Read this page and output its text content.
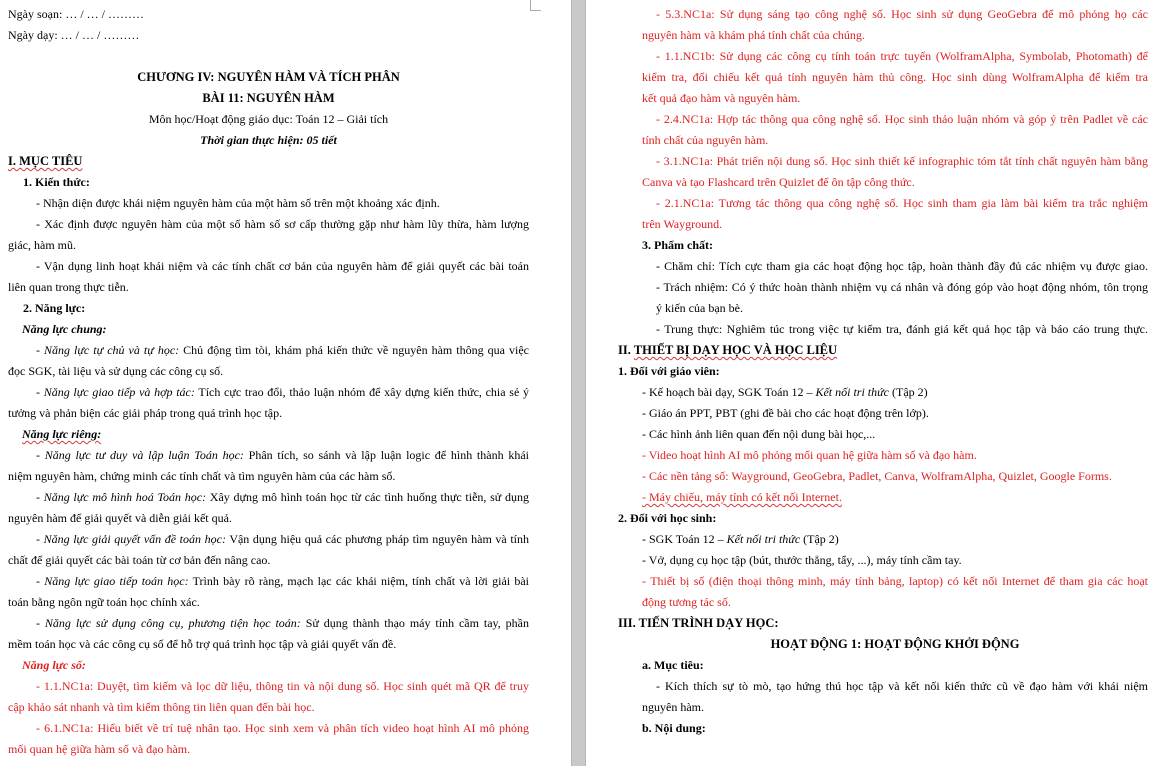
Ngày soạn: … / … / ………

Ngày dạy: … / … / ………

CHƯƠNG IV: NGUYÊN HÀM VÀ TÍCH PHÂN

BÀI 11: NGUYÊN HÀM

Môn học/Hoạt động giáo dục: Toán 12 – Giải tích

Thời gian thực hiện: 05 tiết

I. MỤC TIÊU

1. Kiến thức:

- Nhận diện được khái niệm nguyên hàm của một hàm số trên một khoảng xác định.

- Xác định được nguyên hàm của một số hàm số sơ cấp thường gặp như hàm lũy thừa, hàm lượng

giác, hàm mũ.

- Vận dụng linh hoạt khái niệm và các tính chất cơ bản của nguyên hàm để giải quyết các bài toán

liên quan trong thực tiễn.

2. Năng lực:

Năng lực chung:

- Năng lực tự chủ và tự học: Chủ động tìm tòi, khám phá kiến thức về nguyên hàm thông qua việc

đọc SGK, tài liệu và sử dụng các công cụ số.

- Năng lực giao tiếp và hợp tác: Tích cực trao đổi, thảo luận nhóm để xây dựng kiến thức, chia sẻ ý

tưởng và phản biện các giải pháp trong quá trình học tập.

Năng lực riêng:

- Năng lực tư duy và lập luận Toán học: Phân tích, so sánh và lập luận logic để hình thành khái

niệm nguyên hàm, chứng minh các tính chất và tìm nguyên hàm của các hàm số.

- Năng lực mô hình hoá Toán học: Xây dựng mô hình toán học từ các tình huống thực tiễn, sử dụng

nguyên hàm để giải quyết và diễn giải kết quả.

- Năng lực giải quyết vấn đề toán học: Vận dụng hiệu quả các phương pháp tìm nguyên hàm và tính

chất để giải quyết các bài toán từ cơ bản đến nâng cao.

- Năng lực giao tiếp toán học: Trình bày rõ ràng, mạch lạc các khái niệm, tính chất và lời giải bài

toán bằng ngôn ngữ toán học chính xác.

- Năng lực sử dụng công cụ, phương tiện học toán: Sử dụng thành thạo máy tính cầm tay, phần

mềm toán học và các công cụ số để hỗ trợ quá trình học tập và giải quyết vấn đề.

Năng lực số:

- 1.1.NC1a: Duyệt, tìm kiếm và lọc dữ liệu, thông tin và nội dung số. Học sinh quét mã QR để truy

cập khảo sát nhanh và tìm kiếm thông tin liên quan đến bài học.

- 6.1.NC1a: Hiểu biết về trí tuệ nhân tạo. Học sinh xem và phân tích video hoạt hình AI mô phỏng

mối quan hệ giữa hàm số và đạo hàm.

- 5.3.NC1a: Sử dụng sáng tạo công nghệ số. Học sinh sử dụng GeoGebra để mô phỏng họ các

nguyên hàm và khám phá tính chất của chúng.

- 1.1.NC1b: Sử dụng các công cụ tính toán trực tuyến (WolframAlpha, Symbolab, Photomath) để

kiểm tra, đối chiếu kết quả tính nguyên hàm thủ công. Học sinh dùng WolframAlpha để kiểm tra

kết quả đạo hàm và nguyên hàm.

- 2.4.NC1a: Hợp tác thông qua công nghệ số. Học sinh thảo luận nhóm và góp ý trên Padlet về các

tính chất của nguyên hàm.

- 3.1.NC1a: Phát triển nội dung số. Học sinh thiết kế infographic tóm tắt tính chất nguyên hàm bằng

Canva và tạo Flashcard trên Quizlet để ôn tập công thức.

- 2.1.NC1a: Tương tác thông qua công nghệ số. Học sinh tham gia làm bài kiểm tra trắc nghiệm

trên Wayground.

3. Phẩm chất:

- Chăm chỉ: Tích cực tham gia các hoạt động học tập, hoàn thành đầy đủ các nhiệm vụ được giao.

- Trách nhiệm: Có ý thức hoàn thành nhiệm vụ cá nhân và đóng góp vào hoạt động nhóm, tôn trọng

ý kiến của bạn bè.

- Trung thực: Nghiêm túc trong việc tự kiểm tra, đánh giá kết quả học tập và báo cáo trung thực.

II. THIẾT BỊ DẠY HỌC VÀ HỌC LIỆU

1. Đối với giáo viên:

- Kế hoạch bài dạy, SGK Toán 12 – Kết nối tri thức (Tập 2)

- Giáo án PPT, PBT (ghi đề bài cho các hoạt động trên lớp).

- Các hình ảnh liên quan đến nội dung bài học,...

- Video hoạt hình AI mô phỏng mối quan hệ giữa hàm số và đạo hàm.

- Các nền tảng số: Wayground, GeoGebra, Padlet, Canva, WolframAlpha, Quizlet, Google Forms.

- Máy chiếu, máy tính có kết nối Internet.

2. Đối với học sinh:

- SGK Toán 12 – Kết nối tri thức (Tập 2)

- Vở, dụng cụ học tập (bút, thước thẳng, tẩy, ...), máy tính cầm tay.

- Thiết bị số (điện thoại thông minh, máy tính bảng, laptop) có kết nối Internet để tham gia các hoạt

động tương tác số.

III. TIẾN TRÌNH DẠY HỌC:

HOẠT ĐỘNG 1: HOẠT ĐỘNG KHỞI ĐỘNG

a. Mục tiêu:

- Kích thích sự tò mò, tạo hứng thú học tập và kết nối kiến thức cũ về đạo hàm với khái niệm

nguyên hàm.

b. Nội dung:
